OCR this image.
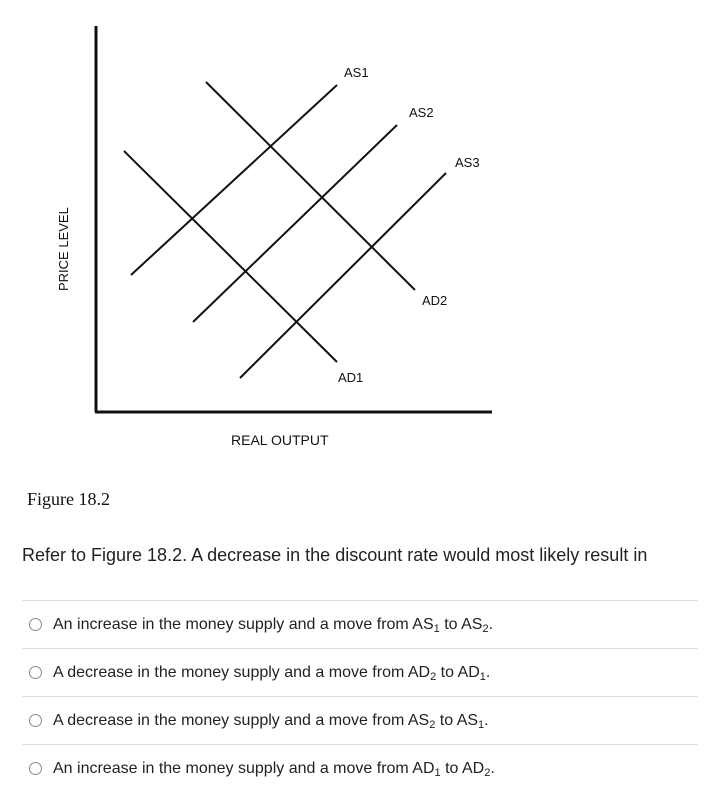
AS1
AS2
AS3
AD2
AD1
REAL OUTPUT
PRICE LEVEL
Figure 18.2
Refer to Figure 18.2. A decrease in the discount rate would most likely result in
An increase in the money supply and a move from $AS_1$ to $AS_2$.
A decrease in the money supply and a move from $AD_2$ to $AD_1$.
A decrease in the money supply and a move from $AS_2$ to $AS_1$.
An increase in the money supply and a move from $AD_1$ to $AD_2$.
